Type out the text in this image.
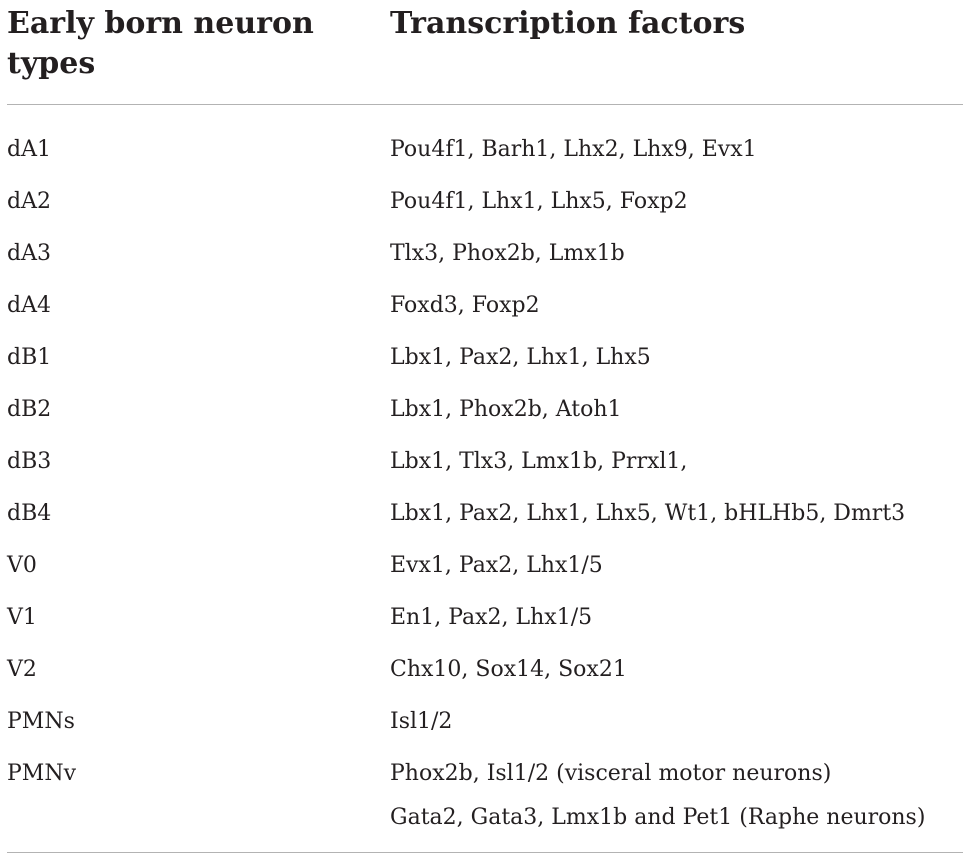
Early born neuron types
Transcription factors
dA1	Pou4f1, Barh1, Lhx2, Lhx9, Evx1
dA2	Pou4f1, Lhx1, Lhx5, Foxp2
dA3	Tlx3, Phox2b, Lmx1b
dA4	Foxd3, Foxp2
dB1	Lbx1, Pax2, Lhx1, Lhx5
dB2	Lbx1, Phox2b, Atoh1
dB3	Lbx1, Tlx3, Lmx1b, Prrxl1,
dB4	Lbx1, Pax2, Lhx1, Lhx5, Wt1, bHLHb5, Dmrt3
V0	Evx1, Pax2, Lhx1/5
V1	En1, Pax2, Lhx1/5
V2	Chx10, Sox14, Sox21
PMNs	Isl1/2
PMNv	Phox2b, Isl1/2 (visceral motor neurons)
Gata2, Gata3, Lmx1b and Pet1 (Raphe neurons)
